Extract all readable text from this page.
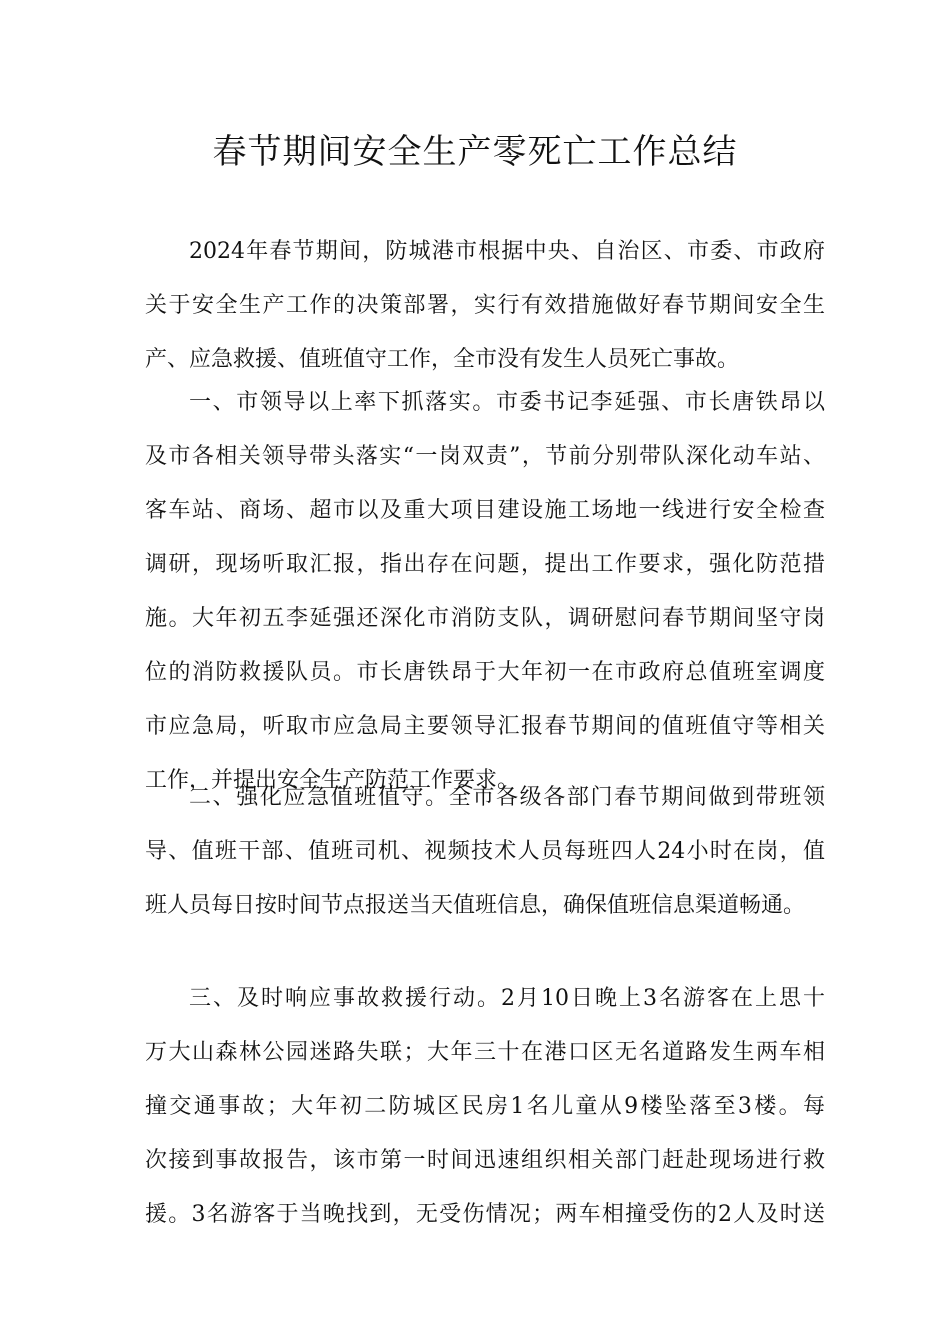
春节期间安全生产零死亡工作总结
2024年春节期间，防城港市根据中央、自治区、市委、市政府
关于安全生产工作的决策部署，实行有效措施做好春节期间安全生
产、应急救援、值班值守工作，全市没有发生人员死亡事故。
一、市领导以上率下抓落实。市委书记李延强、市长唐铁昂以
及市各相关领导带头落实“一岗双责”，节前分别带队深化动车站、
客车站、商场、超市以及重大项目建设施工场地一线进行安全检查
调研，现场听取汇报，指出存在问题，提出工作要求，强化防范措
施。大年初五李延强还深化市消防支队，调研慰问春节期间坚守岗
位的消防救援队员。市长唐铁昂于大年初一在市政府总值班室调度
市应急局，听取市应急局主要领导汇报春节期间的值班值守等相关
工作，并提出安全生产防范工作要求。
二、强化应急值班值守。全市各级各部门春节期间做到带班领
导、值班干部、值班司机、视频技术人员每班四人24小时在岗，值
班人员每日按时间节点报送当天值班信息，确保值班信息渠道畅通。
三、及时响应事故救援行动。2月10日晚上3名游客在上思十
万大山森林公园迷路失联；大年三十在港口区无名道路发生两车相
撞交通事故；大年初二防城区民房1名儿童从9楼坠落至3楼。每
次接到事故报告，该市第一时间迅速组织相关部门赶赴现场进行救
援。3名游客于当晚找到，无受伤情况；两车相撞受伤的2人及时送
